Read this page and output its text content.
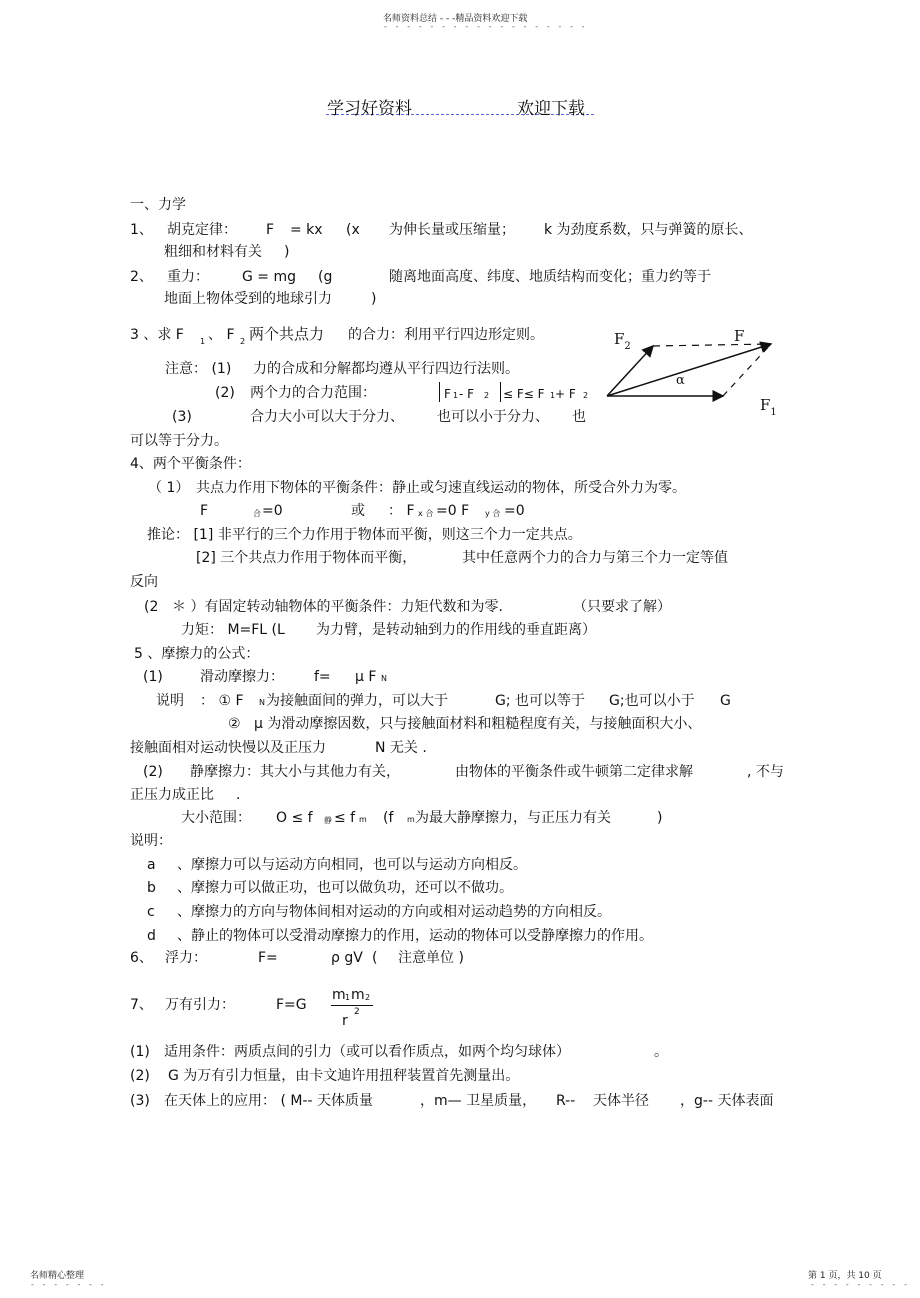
名师资料总结 - - -精品资料欢迎下载
- - - - - - - - - - - - - - - - - -
学习好资料	欢迎下载
一、力学
1、 胡克定律： F = kx (x 为伸长量或压缩量； k 为劲度系数，只与弹簧的原长、
粗细和材料有关 )
2、 重力： G = mg (g	随离地面高度、纬度、地质结构而变化；重力约等于
地面上物体受到的地球引力	)
3 、求 F 1 、 F 2 两个共点力 的合力：利用平行四边形定则。
注意： (1) 力的合成和分解都均遵从平行四边行法则。
(2) 两个力的合力范围：	F 1 - F 2 ≤ F≤ F 1 + F 2
(3)	合力大小可以大于分力、 也可以小于分力、 也
可以等于分力。
$F_2$
F
α
$F_1$
4、两个平衡条件：
（ 1） 共点力作用下物体的平衡条件：静止或匀速直线运动的物体，所受合外力为零。
F	合 =0	或 ： F x 合 =0 F y 合 =0
推论： [1] 非平行的三个力作用于物体而平衡，则这三个力一定共点。
[2] 三个共点力作用于物体而平衡，	其中任意两个力的合力与第三个力一定等值
反向
(2 ＊ ）有固定转动轴物体的平衡条件：力矩代数和为零．	（只要求了解）
力矩： M=FL (L 为力臂，是转动轴到力的作用线的垂直距离）
5 、摩擦力的公式：
(1)	滑动摩擦力： f= μ F N
说明 ： ① F N 为接触面间的弹力，可以大于	G; 也可以等于 G;也可以小于 G
② μ 为滑动摩擦因数，只与接触面材料和粗糙程度有关，与接触面积大小、
接触面相对运动快慢以及正压力	N 无关 .
(2) 静摩擦力：其大小与其他力有关，	由物体的平衡条件或牛顿第二定律求解	, 不与
正压力成正比 .
大小范围： O ≤ f 静 ≤ f m (f m 为最大静摩擦力，与正压力有关	)
说明：
a 、摩擦力可以与运动方向相同，也可以与运动方向相反。
b 、摩擦力可以做正功，也可以做负功，还可以不做功。
c 、摩擦力的方向与物体间相对运动的方向或相对运动趋势的方向相反。
d 、静止的物体可以受滑动摩擦力的作用，运动的物体可以受静摩擦力的作用。
6、 浮力：	F=	ρ gV ( 注意单位 )
7、 万有引力：	F=G
m 1 m 2
r
2
(1) 适用条件：两质点间的引力（或可以看作质点，如两个均匀球体）	。
(2) G 为万有引力恒量，由卡文迪许用扭秤装置首先测量出。
(3) 在天体上的应用： ( M-- 天体质量	，m— 卫星质量， R-- 天体半径 ，g-- 天体表面
名师精心整理
- - - - - - -
第 1 页，共 10 页
- - - - - - - - -
